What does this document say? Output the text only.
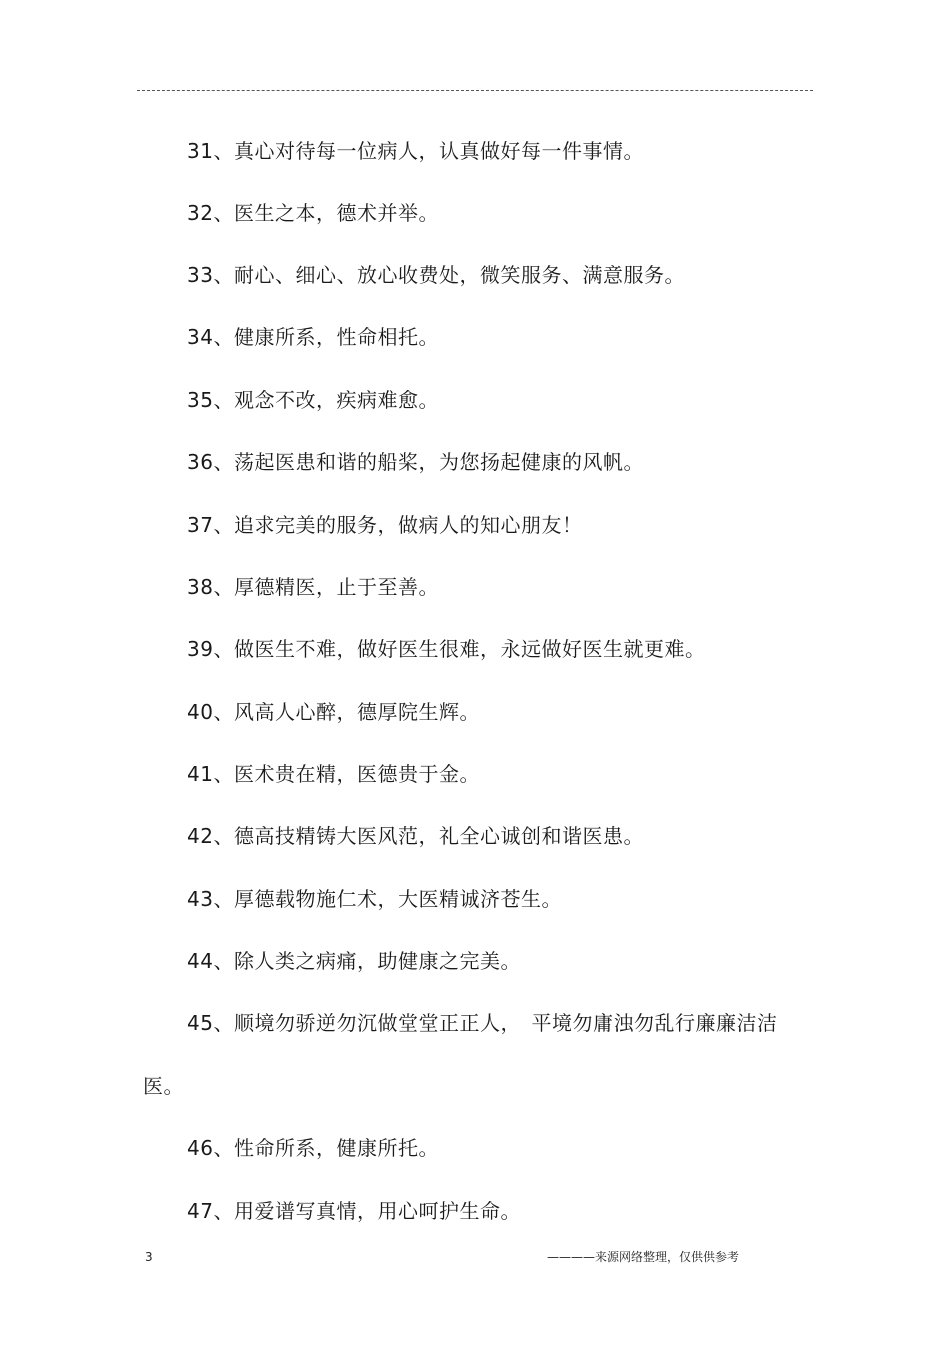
31、真心对待每一位病人，认真做好每一件事情。
32、医生之本，德术并举。
33、耐心、细心、放心收费处，微笑服务、满意服务。
34、健康所系，性命相托。
35、观念不改，疾病难愈。
36、荡起医患和谐的船桨，为您扬起健康的风帆。
37、追求完美的服务，做病人的知心朋友！
38、厚德精医，止于至善。
39、做医生不难，做好医生很难，永远做好医生就更难。
40、风高人心醉，德厚院生辉。
41、医术贵在精，医德贵于金。
42、德高技精铸大医风范，礼全心诚创和谐医患。
43、厚德载物施仁术，大医精诚济苍生。
44、除人类之病痛，助健康之完美。
45、顺境勿骄逆勿沉做堂堂正正人，　平境勿庸浊勿乱行廉廉洁洁
医。
46、性命所系，健康所托。
47、用爱谱写真情，用心呵护生命。
3	————来源网络整理，仅供供参考
